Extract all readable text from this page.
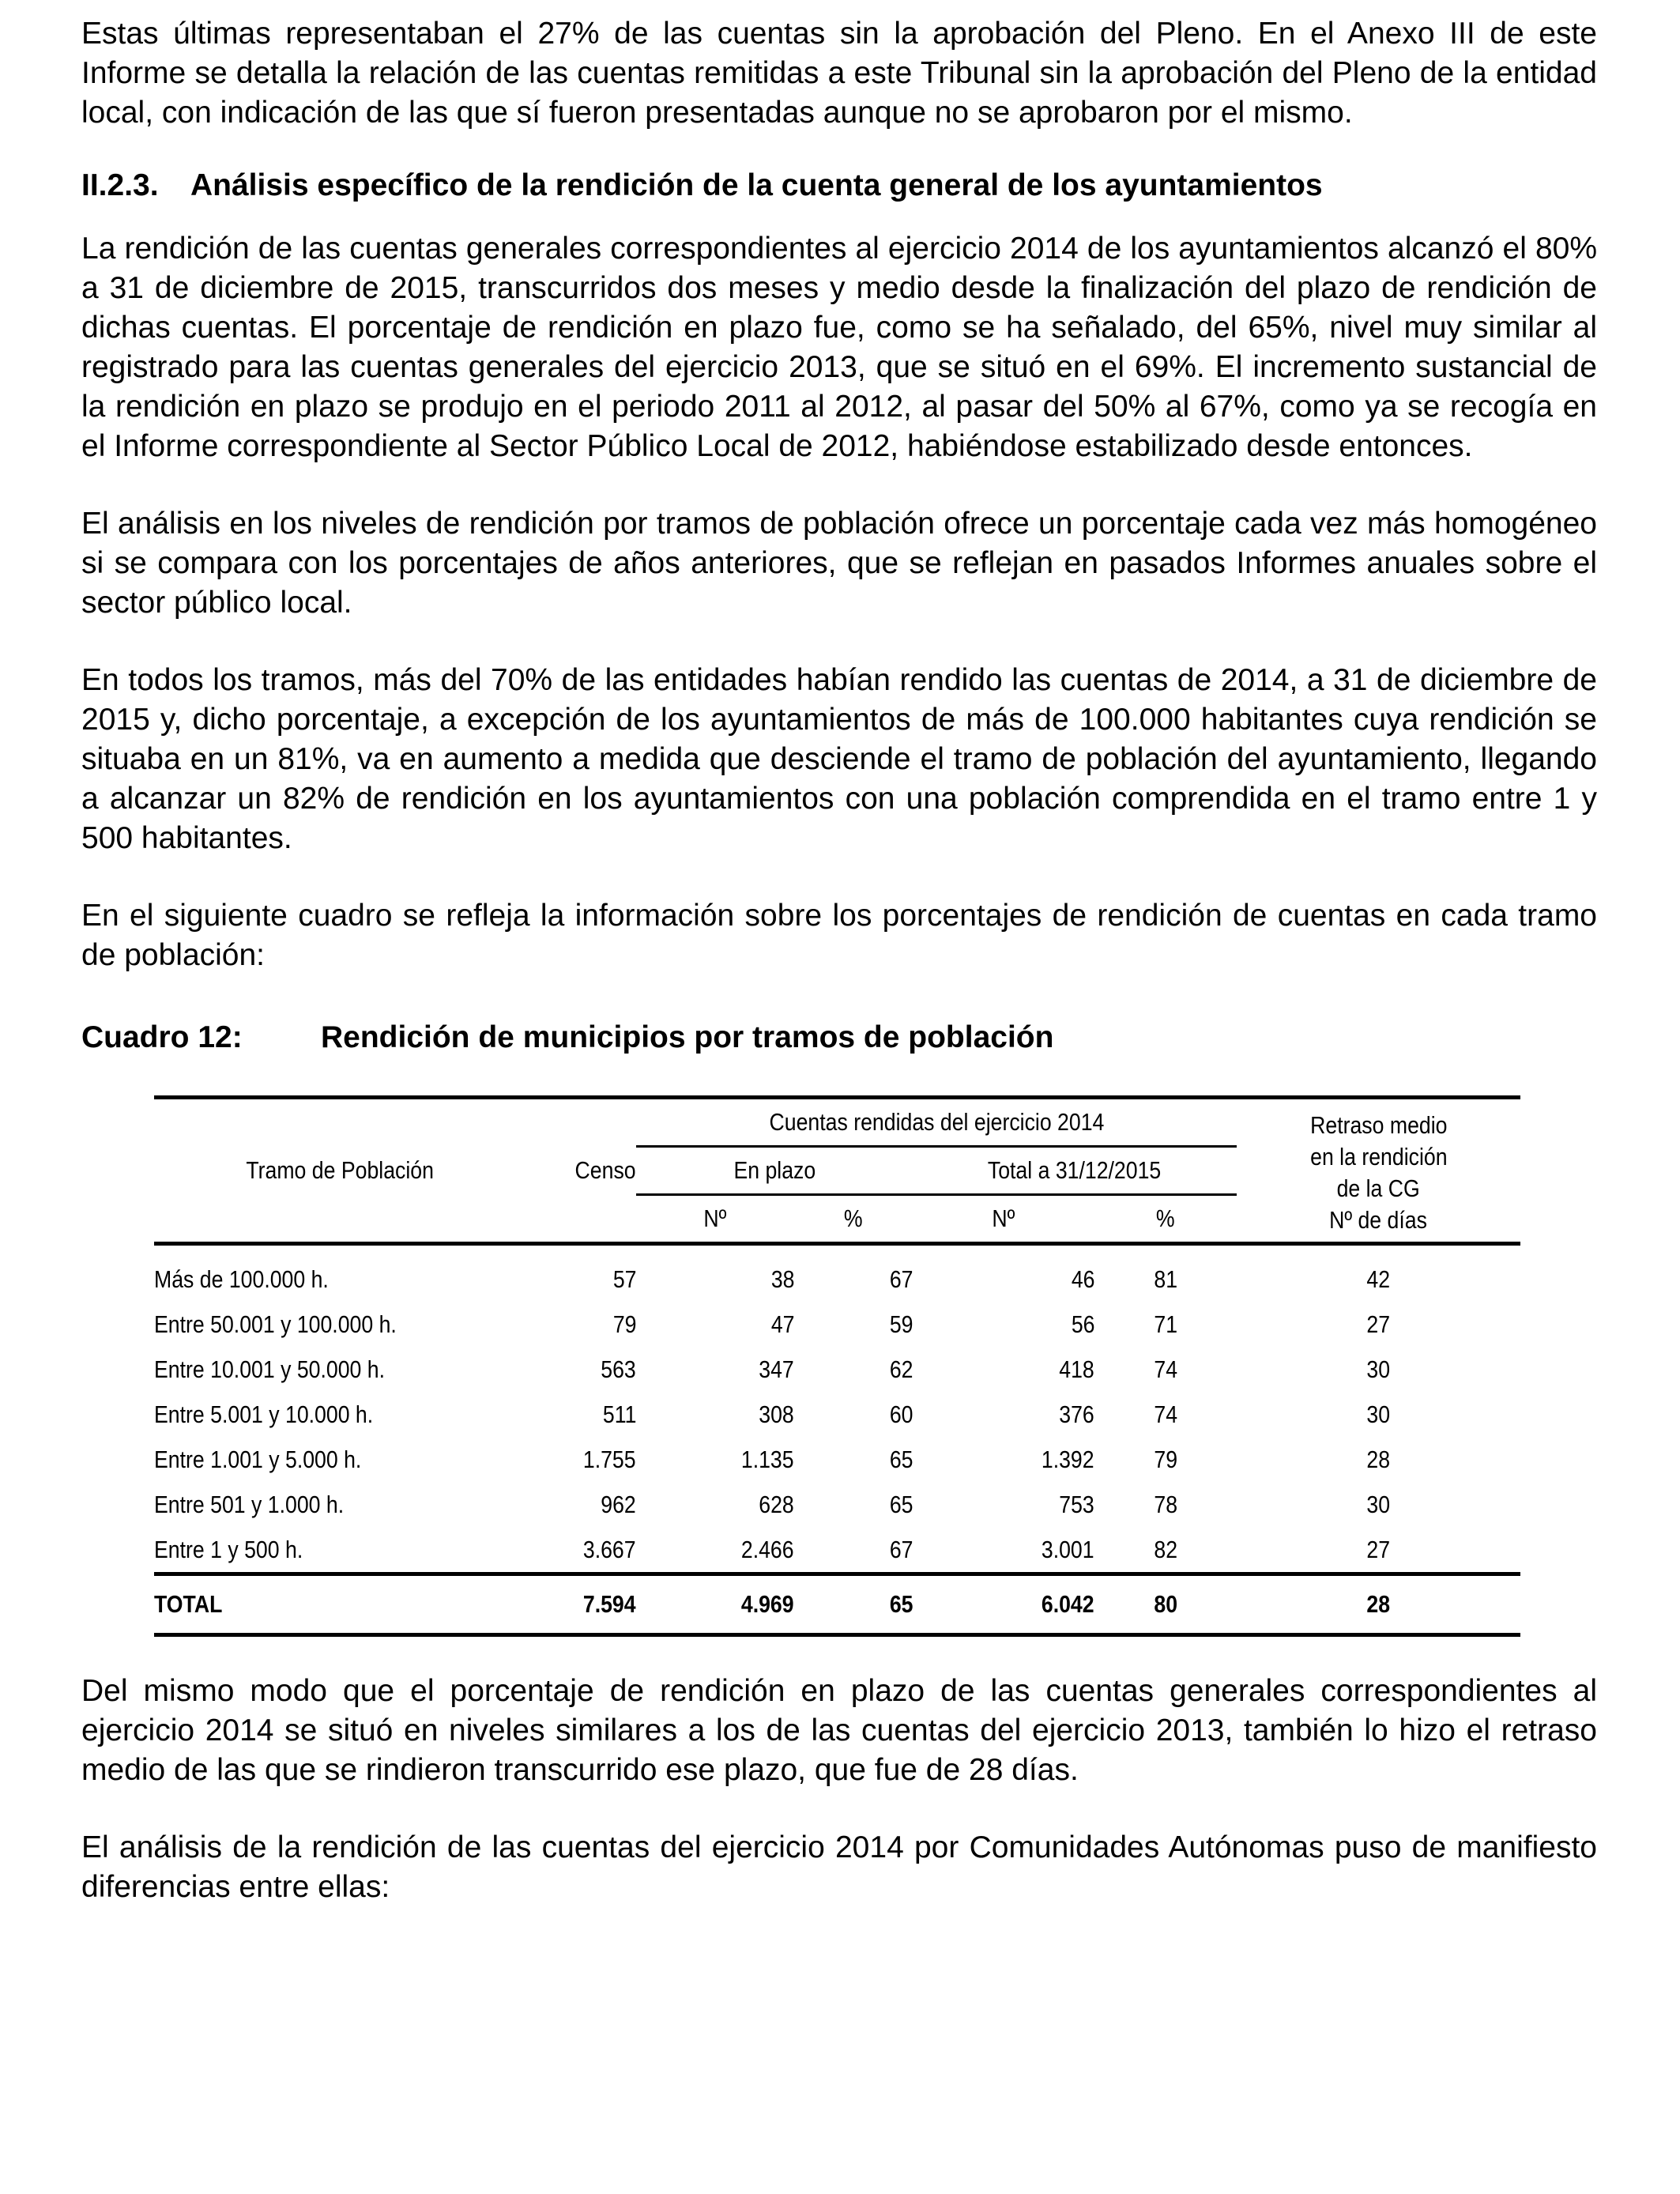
Estas últimas representaban el 27% de las cuentas sin la aprobación del Pleno. En el Anexo III de este Informe se detalla la relación de las cuentas remitidas a este Tribunal sin la aprobación del Pleno de la entidad local, con indicación de las que sí fueron presentadas aunque no se aprobaron por el mismo.

II.2.3. Análisis específico de la rendición de la cuenta general de los ayuntamientos

La rendición de las cuentas generales correspondientes al ejercicio 2014 de los ayuntamientos alcanzó el 80% a 31 de diciembre de 2015, transcurridos dos meses y medio desde la finalización del plazo de rendición de dichas cuentas. El porcentaje de rendición en plazo fue, como se ha señalado, del 65%, nivel muy similar al registrado para las cuentas generales del ejercicio 2013, que se situó en el 69%. El incremento sustancial de la rendición en plazo se produjo en el periodo 2011 al 2012, al pasar del 50% al 67%, como ya se recogía en el Informe correspondiente al Sector Público Local de 2012, habiéndose estabilizado desde entonces.

El análisis en los niveles de rendición por tramos de población ofrece un porcentaje cada vez más homogéneo si se compara con los porcentajes de años anteriores, que se reflejan en pasados Informes anuales sobre el sector público local.

En todos los tramos, más del 70% de las entidades habían rendido las cuentas de 2014, a 31 de diciembre de 2015 y, dicho porcentaje, a excepción de los ayuntamientos de más de 100.000 habitantes cuya rendición se situaba en un 81%, va en aumento a medida que desciende el tramo de población del ayuntamiento, llegando a alcanzar un 82% de rendición en los ayuntamientos con una población comprendida en el tramo entre 1 y 500 habitantes.

En el siguiente cuadro se refleja la información sobre los porcentajes de rendición de cuentas en cada tramo de población:

Cuadro 12:	Rendición de municipios por tramos de población
Tramo de Población	Censo	Cuentas rendidas del ejercicio 2014				Retraso medio
en la rendición
de la CG
Nº de días
		En plazo		Total a 31/12/2015		
		Nº	%	Nº	%	
Más de 100.000 h.	57	38	67	46	81	42
Entre 50.001 y 100.000 h.	79	47	59	56	71	27
Entre 10.001 y 50.000 h.	563	347	62	418	74	30
Entre 5.001 y 10.000 h.	511	308	60	376	74	30
Entre 1.001 y 5.000 h.	1.755	1.135	65	1.392	79	28
Entre 501 y 1.000 h.	962	628	65	753	78	30
Entre 1 y 500 h.	3.667	2.466	67	3.001	82	27
TOTAL	7.594	4.969	65	6.042	80	28

Del mismo modo que el porcentaje de rendición en plazo de las cuentas generales correspondientes al ejercicio 2014 se situó en niveles similares a los de las cuentas del ejercicio 2013, también lo hizo el retraso medio de las que se rindieron transcurrido ese plazo, que fue de 28 días.

El análisis de la rendición de las cuentas del ejercicio 2014 por Comunidades Autónomas puso de manifiesto diferencias entre ellas:
